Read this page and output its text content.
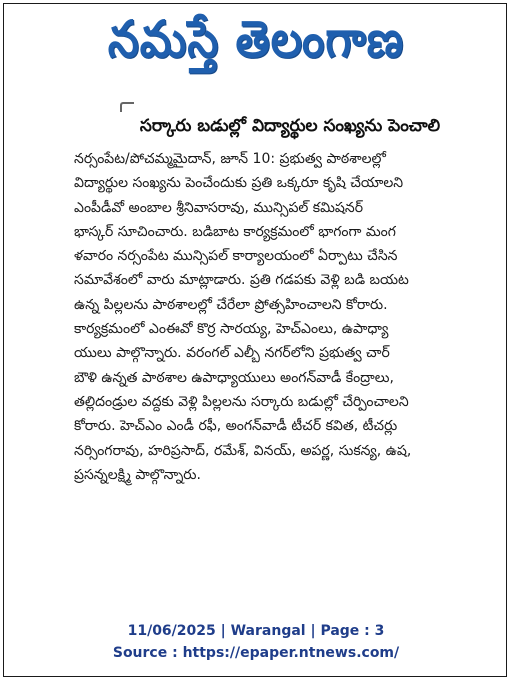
నమస్తే తెలంగాణ
సర్కారు బడుల్లో విద్యార్థుల సంఖ్యను పెంచాలి
నర్సంపేట/పోచమ్మమైదాన్, జూన్ 10: ప్రభుత్వ పాఠశాలల్లో
విద్యార్థుల సంఖ్యను పెంచేందుకు ప్రతి ఒక్కరూ కృషి చేయాలని
ఎంపీడీవో అంబాల శ్రీనివాసరావు, మున్సిపల్ కమిషనర్
భాస్కర్ సూచించారు. బడిబాట కార్యక్రమంలో భాగంగా మంగ
ళవారం నర్సంపేట మున్సిపల్ కార్యాలయంలో ఏర్పాటు చేసిన
సమావేశంలో వారు మాట్లాడారు. ప్రతి గడపకు వెళ్లి బడి బయట
ఉన్న పిల్లలను పాఠశాలల్లో చేరేలా ప్రోత్సహించాలని కోరారు.
కార్యక్రమంలో ఎంఈవో కొర్ర సారయ్య, హెచ్ఎంలు, ఉపాధ్యా
యులు పాల్గొన్నారు. వరంగల్ ఎల్బీ నగర్‌లోని ప్రభుత్వ చార్
బౌళి ఉన్నత పాఠశాల ఉపాధ్యాయులు అంగన్‌వాడీ కేంద్రాలు,
తల్లిదండ్రుల వద్దకు వెళ్లి పిల్లలను సర్కారు బడుల్లో చేర్పించాలని
కోరారు. హెచ్ఎం ఎండీ రఫీ, అంగన్‌వాడీ టీచర్ కవిత, టీచర్లు
నర్సింగరావు, హరిప్రసాద్, రమేశ్, వినయ్, అపర్ణ, సుకన్య, ఉష,
ప్రసన్నలక్ష్మి పాల్గొన్నారు.
11/06/2025 | Warangal | Page : 3
Source : https://epaper.ntnews.com/
